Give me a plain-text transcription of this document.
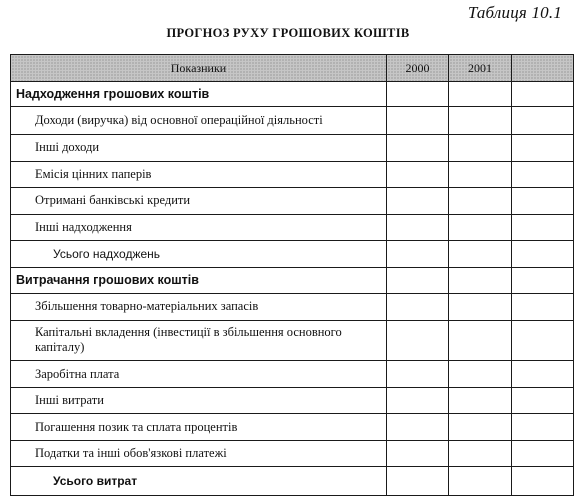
Таблиця 10.1
ПРОГНОЗ РУХУ ГРОШОВИХ КОШТІВ
Показники	2000	2001	
Надходження грошових коштів			
Доходи (виручка) від основної операційної діяльності			
Інші доходи			
Емісія цінних паперів			
Отримані банківські кредити			
Інші надходження			
Усього надходжень			
Витрачання грошових коштів			
Збільшення товарно-матеріальних запасів			
Капітальні вкладення (інвестиції в збільшення основного капіталу)			
Заробітна плата			
Інші витрати			
Погашення позик та сплата процентів			
Податки та інші обов'язкові платежі			
Усього витрат			
